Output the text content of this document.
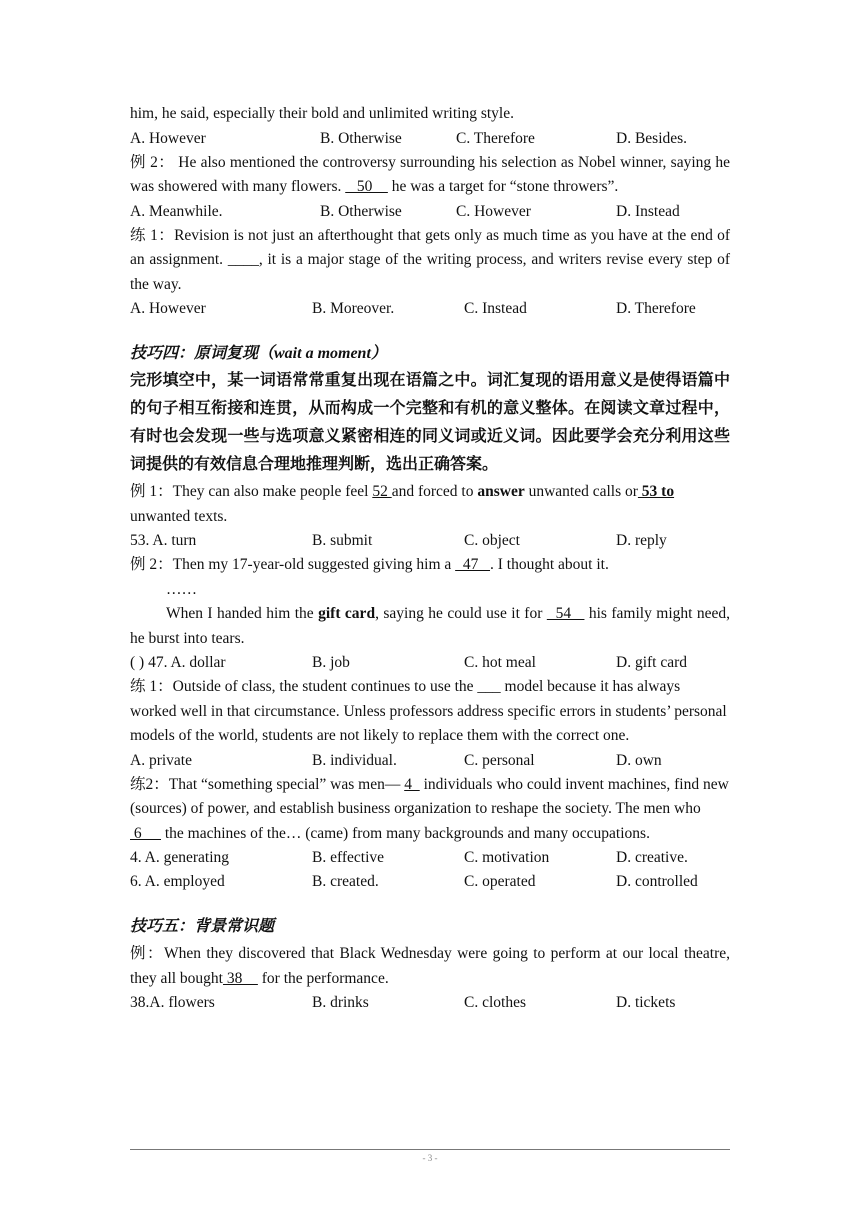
him, he said, especially their bold and unlimited writing style.
A. However	B. Otherwise	C. Therefore	D. Besides.
例 2： He also mentioned the controversy surrounding his selection as Nobel winner, saying he was showered with many flowers.    50     he was a target for “stone throwers”.
A. Meanwhile.	B. Otherwise	C. However	D. Instead
练 1：Revision is not just an afterthought that gets only as much time as you have at the end of an assignment. ____, it is a major stage of the writing process, and writers revise every step of the way.
A. However	B. Moreover.	C. Instead	D. Therefore
技巧四：原词复现（wait a moment）
完形填空中，某一词语常常重复出现在语篇之中。词汇复现的语用意义是使得语篇中的句子相互衔接和连贯，从而构成一个完整和有机的意义整体。在阅读文章过程中，有时也会发现一些与选项意义紧密相连的同义词或近义词。因此要学会充分利用这些词提供的有效信息合理地推理判断，选出正确答案。
例 1：They can also make people feel 52 and forced to answer unwanted calls or 53 to
unwanted texts.
53. A. turn	B. submit	C. object	D. reply
例 2：Then my 17-year-old suggested giving him a   47   . I thought about it.
……
When I handed him the gift card, saying he could use it for   54    his family might need, he burst into tears.
( ) 47. A. dollar	B. job	C. hot meal	D. gift card
练 1：Outside of class, the student continues to use the ___ model because it has always worked well in that circumstance. Unless professors address specific errors in students’ personal models of the world, students are not likely to replace them with the correct one.
A. private	B. individual.	C. personal	D. own
练2：That “something special” was men— 4   individuals who could invent machines, find new (sources) of power, and establish business organization to reshape the society. The men who  6      the machines of the… (came) from many backgrounds and many occupations.
4. A. generating	B. effective	C. motivation	D. creative.
6. A. employed	B. created.	C. operated	D. controlled
技巧五：背景常识题
例：When they discovered that Black Wednesday were going to perform at our local theatre, they all bought 38     for the performance.
38.A. flowers	B. drinks	C. clothes	D. tickets
- 3 -
